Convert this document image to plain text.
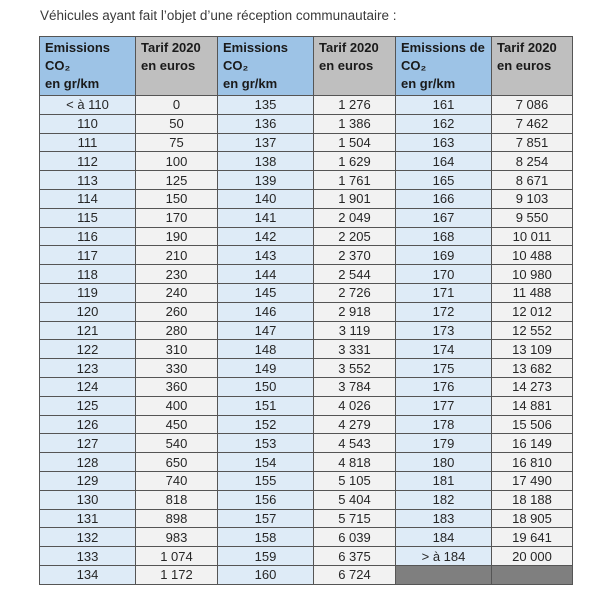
Véhicules ayant fait l’objet d’une réception communautaire :
Emissions
CO₂
en gr/km	Tarif 2020
en euros	Emissions
CO₂
en gr/km	Tarif 2020
en euros	Emissions de
CO₂
en gr/km	Tarif 2020
en euros
< à 110	0	135	1 276	161	7 086
110	50	136	1 386	162	7 462
111	75	137	1 504	163	7 851
112	100	138	1 629	164	8 254
113	125	139	1 761	165	8 671
114	150	140	1 901	166	9 103
115	170	141	2 049	167	9 550
116	190	142	2 205	168	10 011
117	210	143	2 370	169	10 488
118	230	144	2 544	170	10 980
119	240	145	2 726	171	11 488
120	260	146	2 918	172	12 012
121	280	147	3 119	173	12 552
122	310	148	3 331	174	13 109
123	330	149	3 552	175	13 682
124	360	150	3 784	176	14 273
125	400	151	4 026	177	14 881
126	450	152	4 279	178	15 506
127	540	153	4 543	179	16 149
128	650	154	4 818	180	16 810
129	740	155	5 105	181	17 490
130	818	156	5 404	182	18 188
131	898	157	5 715	183	18 905
132	983	158	6 039	184	19 641
133	1 074	159	6 375	> à 184	20 000
134	1 172	160	6 724		
